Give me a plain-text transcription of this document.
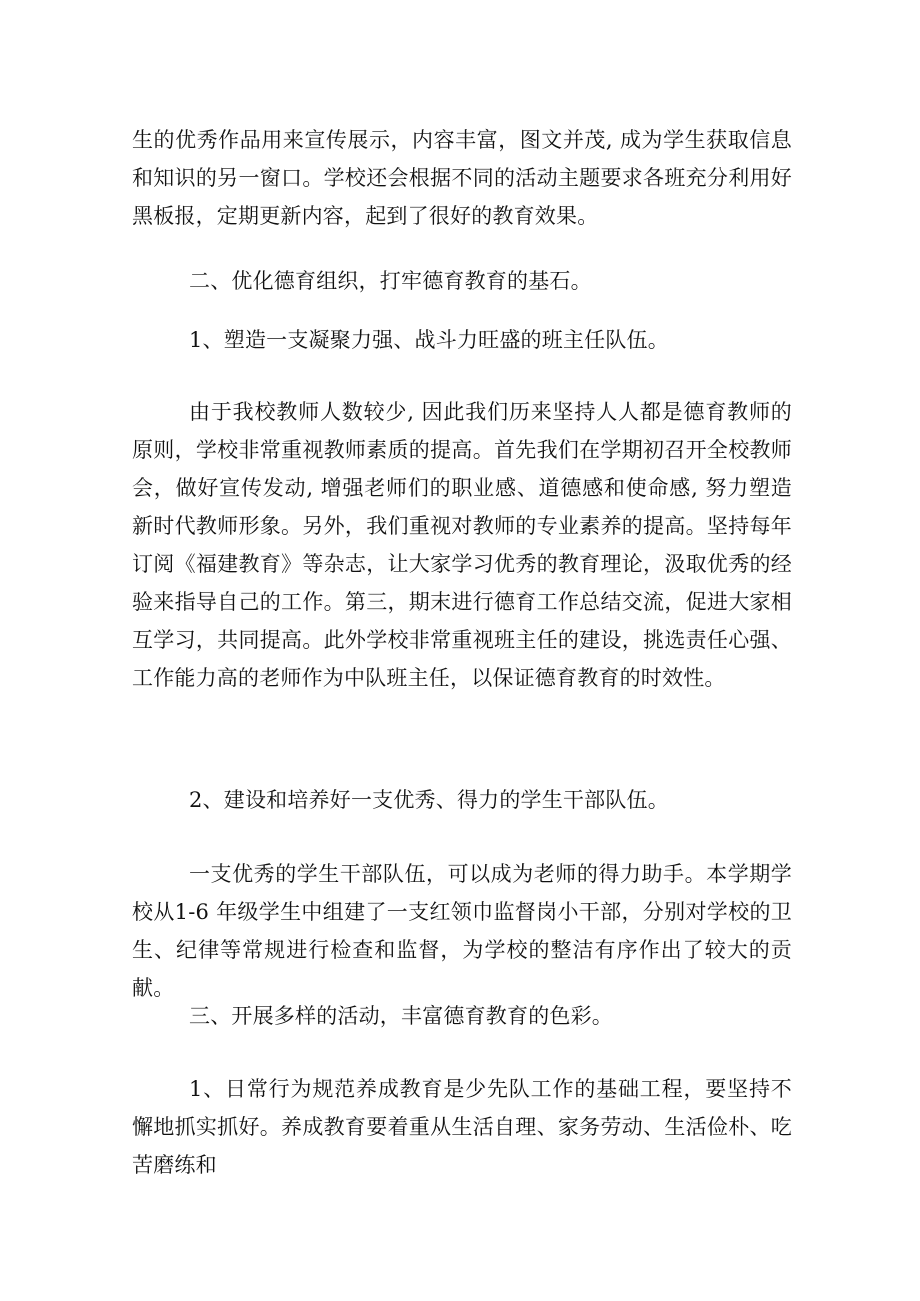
生的优秀作品用来宣传展示，内容丰富，图文并茂, 成为学生获取信息和知识的另一窗口。学校还会根据不同的活动主题要求各班充分利用好黑板报，定期更新内容，起到了很好的教育效果。

二、优化德育组织，打牢德育教育的基石。

1、塑造一支凝聚力强、战斗力旺盛的班主任队伍。

由于我校教师人数较少, 因此我们历来坚持人人都是德育教师的原则，学校非常重视教师素质的提高。首先我们在学期初召开全校教师会，做好宣传发动, 增强老师们的职业感、道德感和使命感, 努力塑造新时代教师形象。另外，我们重视对教师的专业素养的提高。坚持每年订阅《福建教育》等杂志，让大家学习优秀的教育理论，汲取优秀的经验来指导自己的工作。第三，期末进行德育工作总结交流，促进大家相互学习，共同提高。此外学校非常重视班主任的建设，挑选责任心强、工作能力高的老师作为中队班主任，以保证德育教育的时效性。

2、建设和培养好一支优秀、得力的学生干部队伍。

一支优秀的学生干部队伍，可以成为老师的得力助手。本学期学校从1-6 年级学生中组建了一支红领巾监督岗小干部，分别对学校的卫生、纪律等常规进行检查和监督，为学校的整洁有序作出了较大的贡献。

三、开展多样的活动，丰富德育教育的色彩。

1、日常行为规范养成教育是少先队工作的基础工程，要坚持不懈地抓实抓好。养成教育要着重从生活自理、家务劳动、生活俭朴、吃苦磨练和
